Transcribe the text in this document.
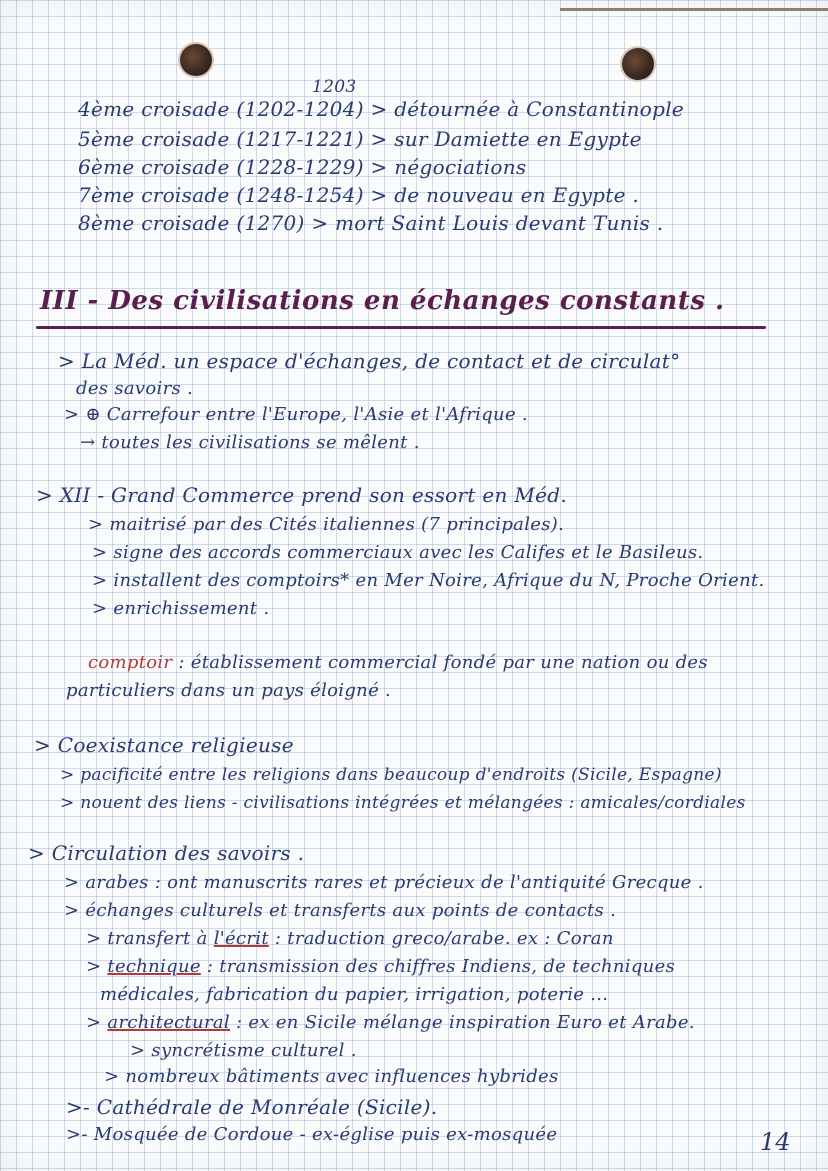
1203
4ème croisade (1202-1204) > détournée à Constantinople
5ème croisade (1217-1221) > sur Damiette en Egypte
6ème croisade (1228-1229) > négociations
7ème croisade (1248-1254) > de nouveau en Egypte .
8ème croisade (1270) > mort Saint Louis devant Tunis .
III - Des civilisations en échanges constants .
> La Méd. un espace d'échanges, de contact et de circulat°
des savoirs .
> ⊕ Carrefour entre l'Europe, l'Asie et l'Afrique .
→ toutes les civilisations se mêlent .
> XII - Grand Commerce prend son essort en Méd.
> maitrisé par des Cités italiennes (7 principales).
> signe des accords commerciaux avec les Califes et le Basileus.
> installent des comptoirs* en Mer Noire, Afrique du N, Proche Orient.
> enrichissement .
comptoir : établissement commercial fondé par une nation ou des
particuliers dans un pays éloigné .
> Coexistance religieuse
> pacificité entre les religions dans beaucoup d'endroits (Sicile, Espagne)
> nouent des liens - civilisations intégrées et mélangées : amicales/cordiales
> Circulation des savoirs .
> arabes : ont manuscrits rares et précieux de l'antiquité Grecque .
> échanges culturels et transferts aux points de contacts .
> transfert à l'écrit : traduction greco/arabe. ex : Coran
> technique : transmission des chiffres Indiens, de techniques
médicales, fabrication du papier, irrigation, poterie ...
> architectural : ex en Sicile mélange inspiration Euro et Arabe.
> syncrétisme culturel .
> nombreux bâtiments avec influences hybrides
>- Cathédrale de Monréale (Sicile).
>- Mosquée de Cordoue - ex-église puis ex-mosquée	14
